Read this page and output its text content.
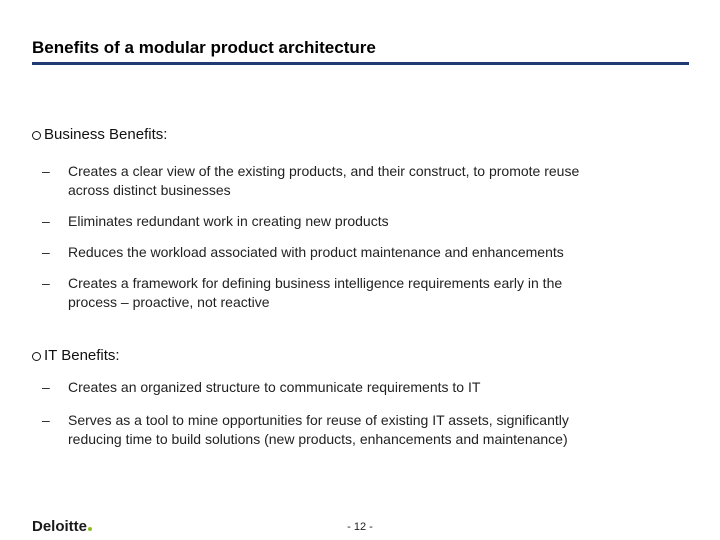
Benefits of a modular product architecture
Business Benefits:
– Creates a clear view of the existing products, and their construct, to promote reuse
across distinct businesses
– Eliminates redundant work in creating new products
– Reduces the workload associated with product maintenance and enhancements
– Creates a framework for defining business intelligence requirements early in the
process – proactive, not reactive
IT Benefits:
– Creates an organized structure to communicate requirements to IT
– Serves as a tool to mine opportunities for reuse of existing IT assets, significantly
reducing time to build solutions (new products, enhancements and maintenance)
Deloitte	- 12 -
